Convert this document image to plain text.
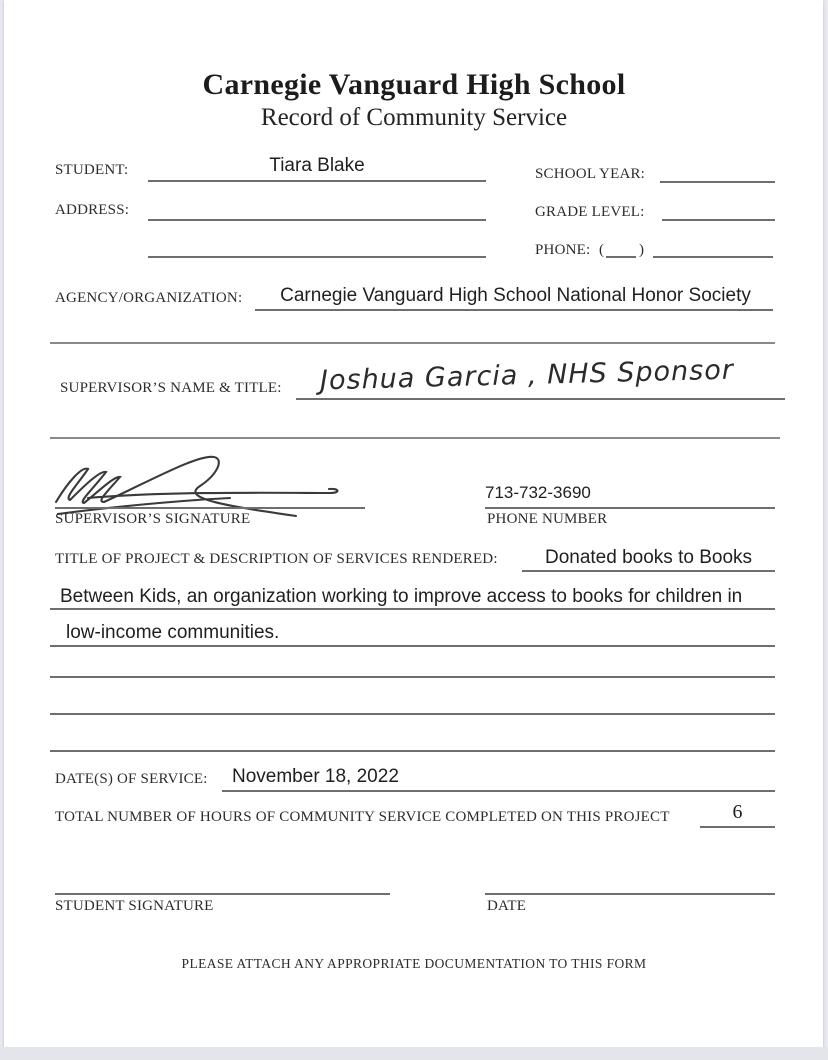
Carnegie Vanguard High School
Record of Community Service
STUDENT:	Tiara Blake	SCHOOL YEAR:
ADDRESS:	GRADE LEVEL:
PHONE: ( )
AGENCY/ORGANIZATION:	Carnegie Vanguard High School National Honor Society
SUPERVISOR’S NAME & TITLE: Joshua Garcia , NHS Sponsor
SUPERVISOR’S SIGNATURE
713-732-3690
PHONE NUMBER
TITLE OF PROJECT & DESCRIPTION OF SERVICES RENDERED:	Donated books to Books
Between Kids, an organization working to improve access to books for children in
low-income communities.
DATE(S) OF SERVICE: November 18, 2022
TOTAL NUMBER OF HOURS OF COMMUNITY SERVICE COMPLETED ON THIS PROJECT	6
STUDENT SIGNATURE	DATE
PLEASE ATTACH ANY APPROPRIATE DOCUMENTATION TO THIS FORM
